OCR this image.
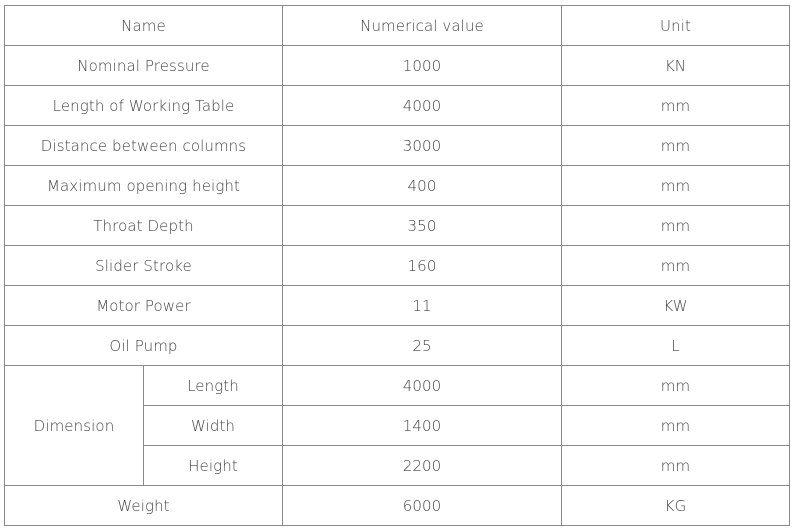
Name		Numerical value	Unit
Nominal Pressure		1000	KN
Length of Working Table		4000	mm
Distance between columns		3000	mm
Maximum opening height		400	mm
Throat Depth		350	mm
Slider Stroke		160	mm
Motor Power		11	KW
Oil Pump		25	L
Dimension	Length	4000	mm
	Width	1400	mm
	Height	2200	mm
Weight		6000	KG
